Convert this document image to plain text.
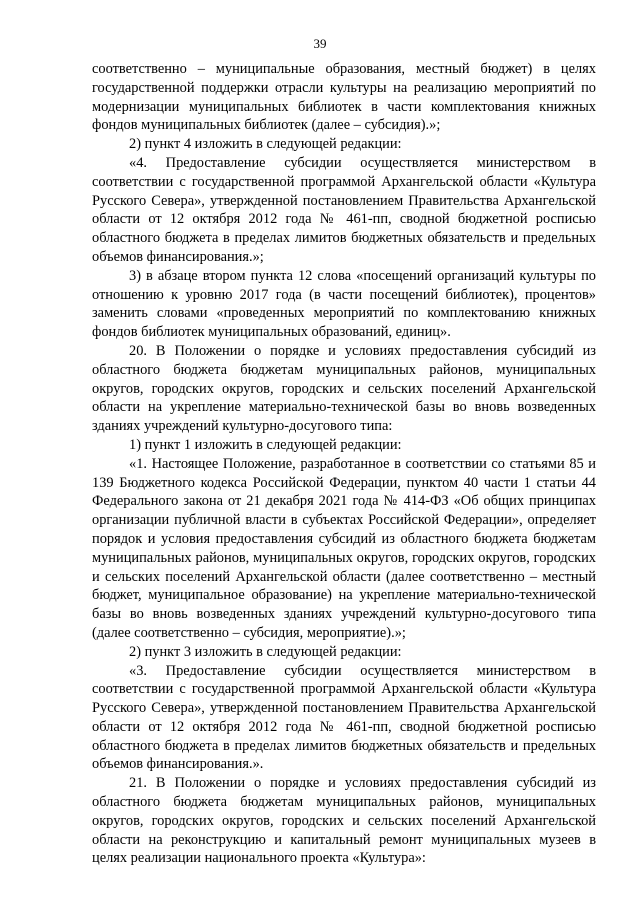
39

соответственно – муниципальные образования, местный бюджет) в целях государственной поддержки отрасли культуры на реализацию мероприятий по модернизации муниципальных библиотек в части комплектования книжных фондов муниципальных библиотек (далее – субсидия).»;

2) пункт 4 изложить в следующей редакции:

«4. Предоставление субсидии осуществляется министерством в соответствии с государственной программой Архангельской области «Культура Русского Севера», утвержденной постановлением Правительства Архангельской области от 12 октября 2012 года № 461-пп, сводной бюджетной росписью областного бюджета в пределах лимитов бюджетных обязательств и предельных объемов финансирования.»;

3) в абзаце втором пункта 12 слова «посещений организаций культуры по отношению к уровню 2017 года (в части посещений библиотек), процентов» заменить словами «проведенных мероприятий по комплектованию книжных фондов библиотек муниципальных образований, единиц».

20. В Положении о порядке и условиях предоставления субсидий из областного бюджета бюджетам муниципальных районов, муниципальных округов, городских округов, городских и сельских поселений Архангельской области на укрепление материально-технической базы во вновь возведенных зданиях учреждений культурно-досугового типа:

1) пункт 1 изложить в следующей редакции:

«1. Настоящее Положение, разработанное в соответствии со статьями 85 и 139 Бюджетного кодекса Российской Федерации, пунктом 40 части 1 статьи 44 Федерального закона от 21 декабря 2021 года № 414-ФЗ «Об общих принципах организации публичной власти в субъектах Российской Федерации», определяет порядок и условия предоставления субсидий из областного бюджета бюджетам муниципальных районов, муниципальных округов, городских округов, городских и сельских поселений Архангельской области (далее соответственно – местный бюджет, муниципальное образование) на укрепление материально-технической базы во вновь возведенных зданиях учреждений культурно-досугового типа (далее соответственно – субсидия, мероприятие).»;

2) пункт 3 изложить в следующей редакции:

«3. Предоставление субсидии осуществляется министерством в соответствии с государственной программой Архангельской области «Культура Русского Севера», утвержденной постановлением Правительства Архангельской области от 12 октября 2012 года № 461-пп, сводной бюджетной росписью областного бюджета в пределах лимитов бюджетных обязательств и предельных объемов финансирования.».

21. В Положении о порядке и условиях предоставления субсидий из областного бюджета бюджетам муниципальных районов, муниципальных округов, городских округов, городских и сельских поселений Архангельской области на реконструкцию и капитальный ремонт муниципальных музеев в целях реализации национального проекта «Культура»:
